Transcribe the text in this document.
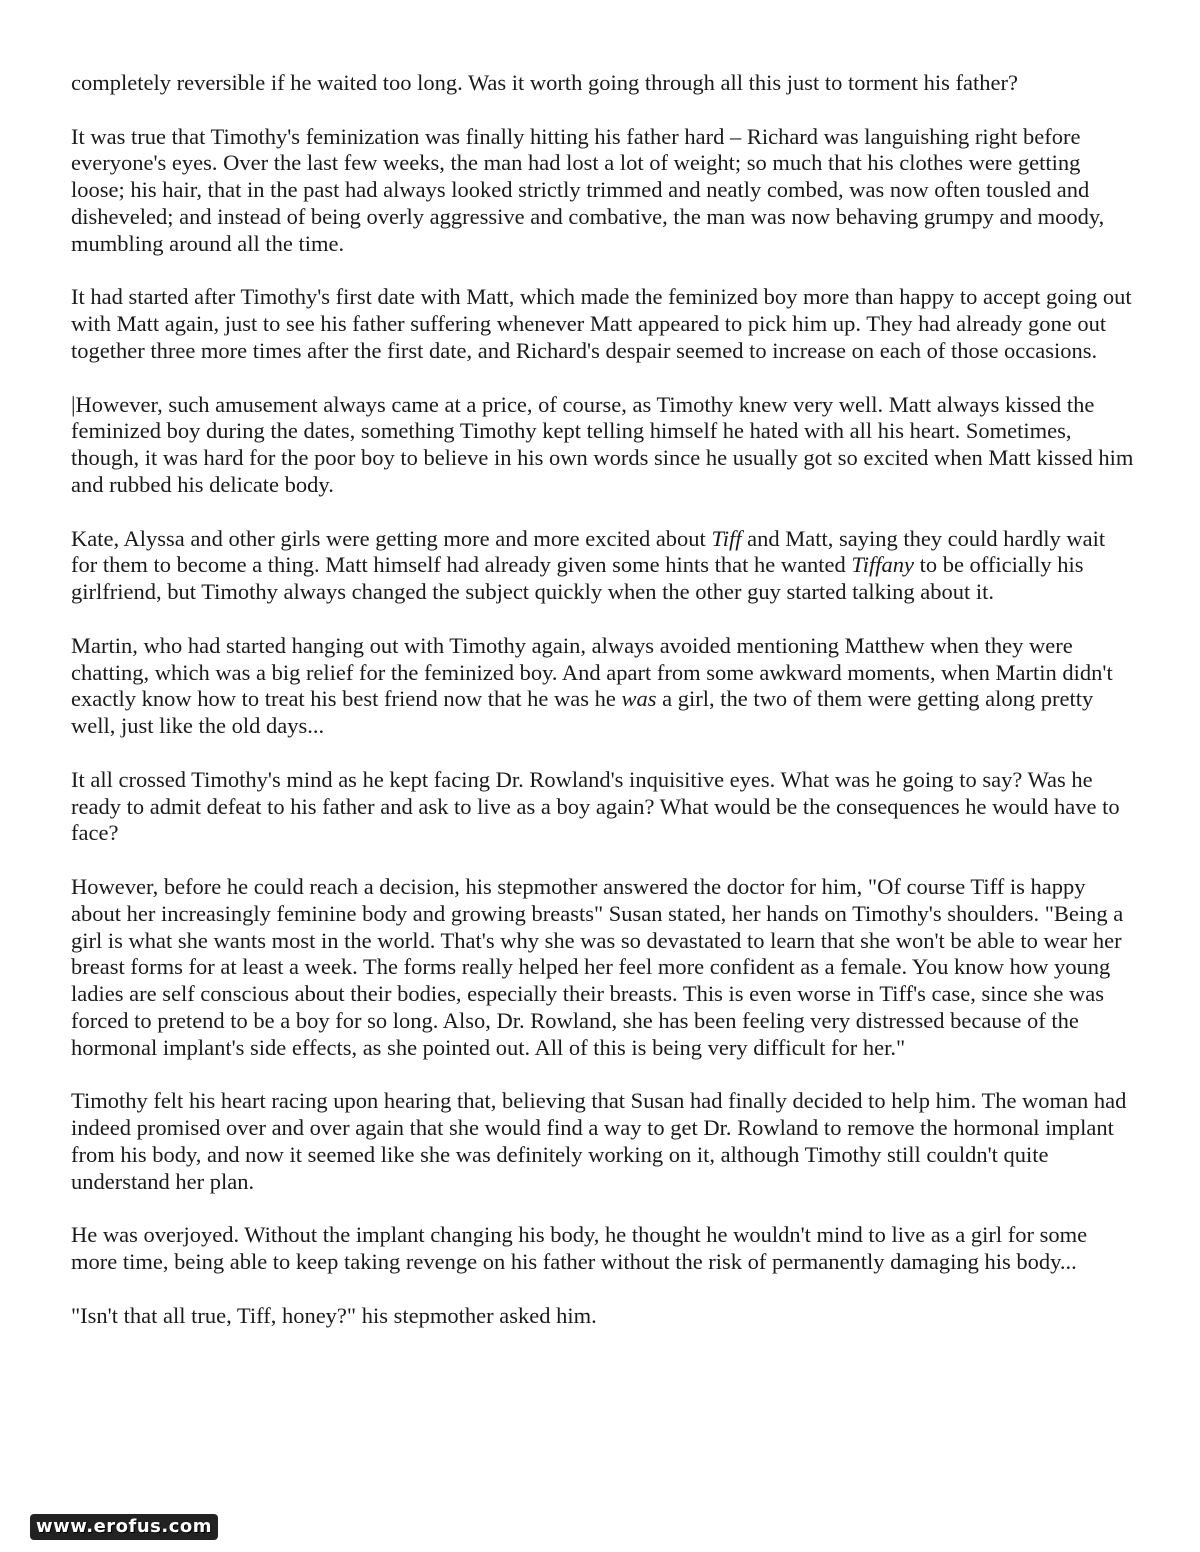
completely reversible if he waited too long. Was it worth going through all this just to torment his father?

It was true that Timothy's feminization was finally hitting his father hard – Richard was languishing right before everyone's eyes. Over the last few weeks, the man had lost a lot of weight; so much that his clothes were getting loose; his hair, that in the past had always looked strictly trimmed and neatly combed, was now often tousled and disheveled; and instead of being overly aggressive and combative, the man was now behaving grumpy and moody, mumbling around all the time.

It had started after Timothy's first date with Matt, which made the feminized boy more than happy to accept going out with Matt again, just to see his father suffering whenever Matt appeared to pick him up. They had already gone out together three more times after the first date, and Richard's despair seemed to increase on each of those occasions.

|However, such amusement always came at a price, of course, as Timothy knew very well. Matt always kissed the feminized boy during the dates, something Timothy kept telling himself he hated with all his heart. Sometimes, though, it was hard for the poor boy to believe in his own words since he usually got so excited when Matt kissed him and rubbed his delicate body.

Kate, Alyssa and other girls were getting more and more excited about Tiff and Matt, saying they could hardly wait for them to become a thing. Matt himself had already given some hints that he wanted Tiffany to be officially his girlfriend, but Timothy always changed the subject quickly when the other guy started talking about it.

Martin, who had started hanging out with Timothy again, always avoided mentioning Matthew when they were chatting, which was a big relief for the feminized boy. And apart from some awkward moments, when Martin didn't exactly know how to treat his best friend now that he was he was a girl, the two of them were getting along pretty well, just like the old days...

It all crossed Timothy's mind as he kept facing Dr. Rowland's inquisitive eyes. What was he going to say? Was he ready to admit defeat to his father and ask to live as a boy again? What would be the consequences he would have to face?

However, before he could reach a decision, his stepmother answered the doctor for him, "Of course Tiff is happy about her increasingly feminine body and growing breasts" Susan stated, her hands on Timothy's shoulders. "Being a girl is what she wants most in the world. That's why she was so devastated to learn that she won't be able to wear her breast forms for at least a week. The forms really helped her feel more confident as a female. You know how young ladies are self conscious about their bodies, especially their breasts. This is even worse in Tiff's case, since she was forced to pretend to be a boy for so long. Also, Dr. Rowland, she has been feeling very distressed because of the hormonal implant's side effects, as she pointed out. All of this is being very difficult for her."

Timothy felt his heart racing upon hearing that, believing that Susan had finally decided to help him. The woman had indeed promised over and over again that she would find a way to get Dr. Rowland to remove the hormonal implant from his body, and now it seemed like she was definitely working on it, although Timothy still couldn't quite understand her plan.

He was overjoyed. Without the implant changing his body, he thought he wouldn't mind to live as a girl for some more time, being able to keep taking revenge on his father without the risk of permanently damaging his body...

"Isn't that all true, Tiff, honey?" his stepmother asked him.

www.erofus.com
